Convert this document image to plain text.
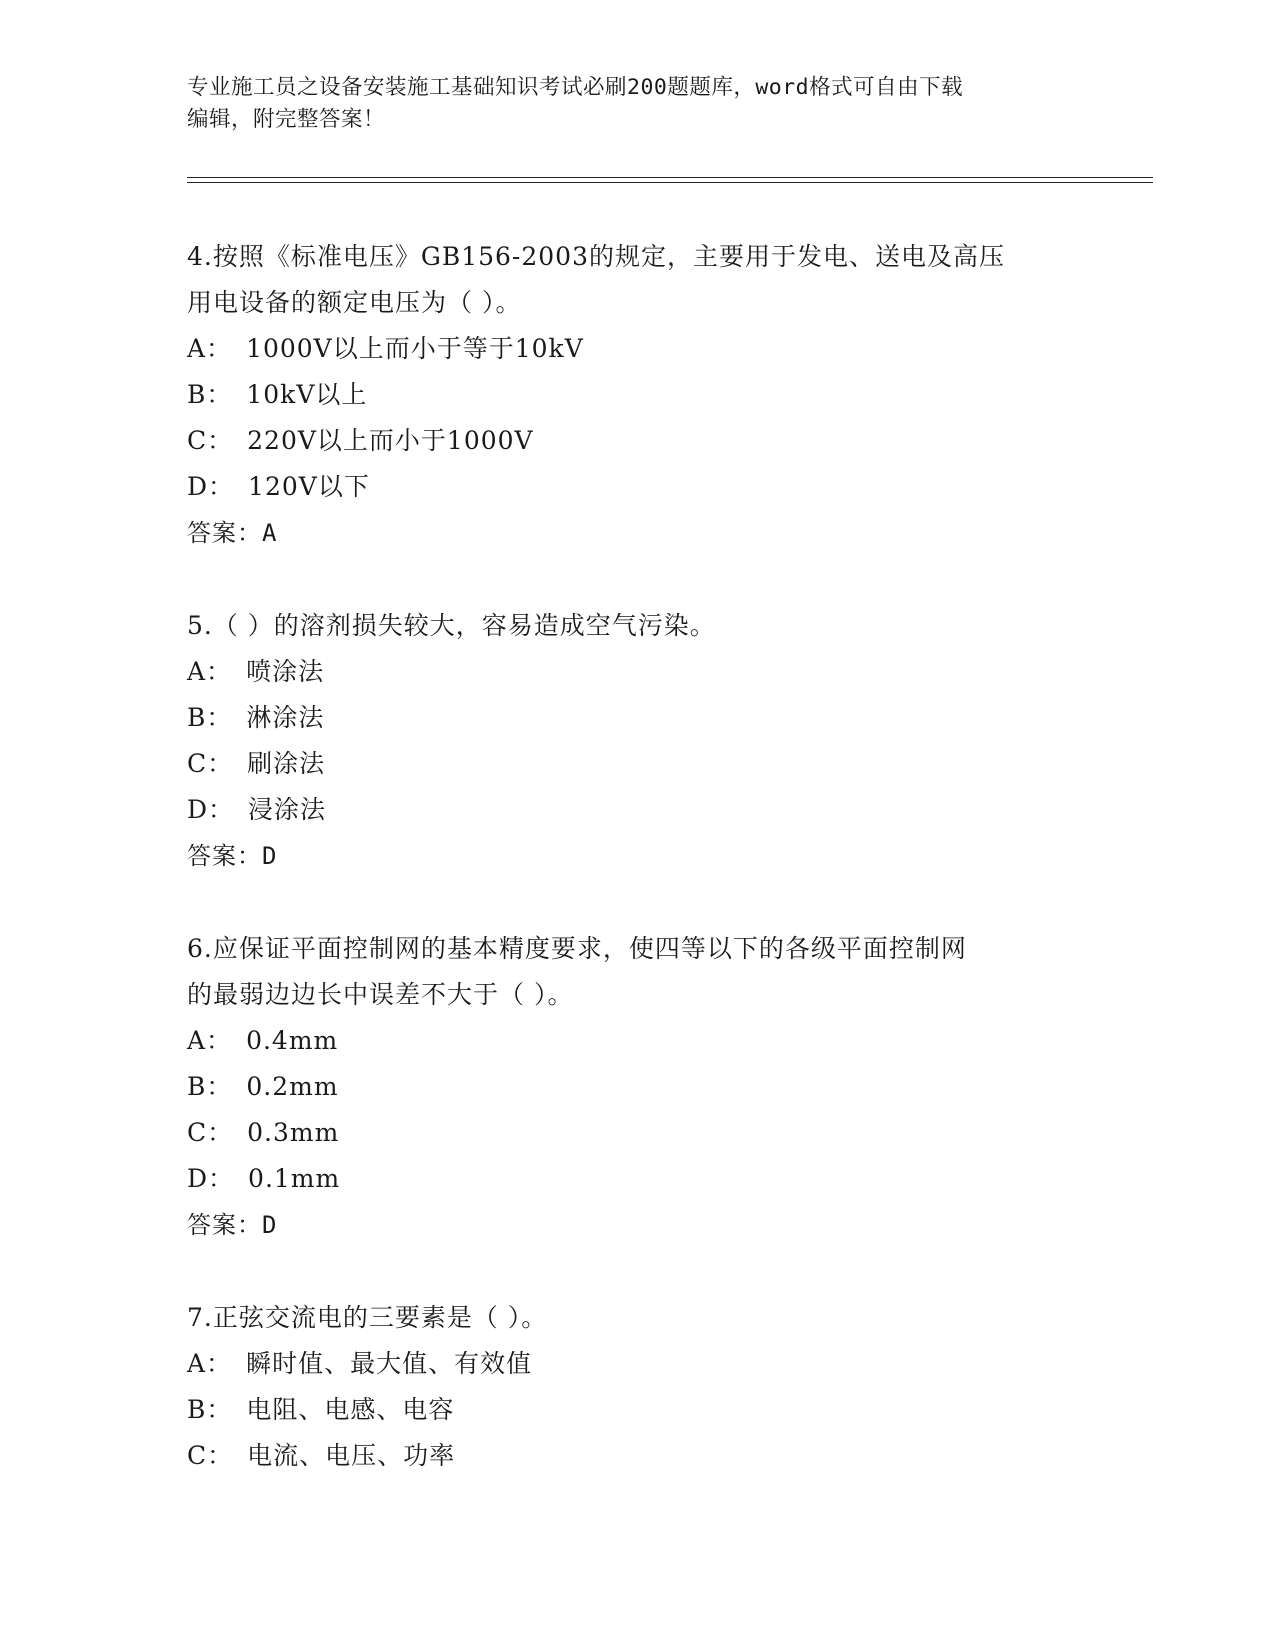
专业施工员之设备安装施工基础知识考试必刷200题题库，word格式可自由下载
编辑，附完整答案！
4.按照《标准电压》GB156-2003的规定，主要用于发电、送电及高压
用电设备的额定电压为（ ）。
A： 1000V以上而小于等于10kV
B： 10kV以上
C： 220V以上而小于1000V
D： 120V以下
答案：A
5.（ ）的溶剂损失较大，容易造成空气污染。
A： 喷涂法
B： 淋涂法
C： 刷涂法
D： 浸涂法
答案：D
6.应保证平面控制网的基本精度要求，使四等以下的各级平面控制网
的最弱边边长中误差不大于（ ）。
A： 0.4mm
B： 0.2mm
C： 0.3mm
D： 0.1mm
答案：D
7.正弦交流电的三要素是（ ）。
A： 瞬时值、最大值、有效值
B： 电阻、电感、电容
C： 电流、电压、功率
